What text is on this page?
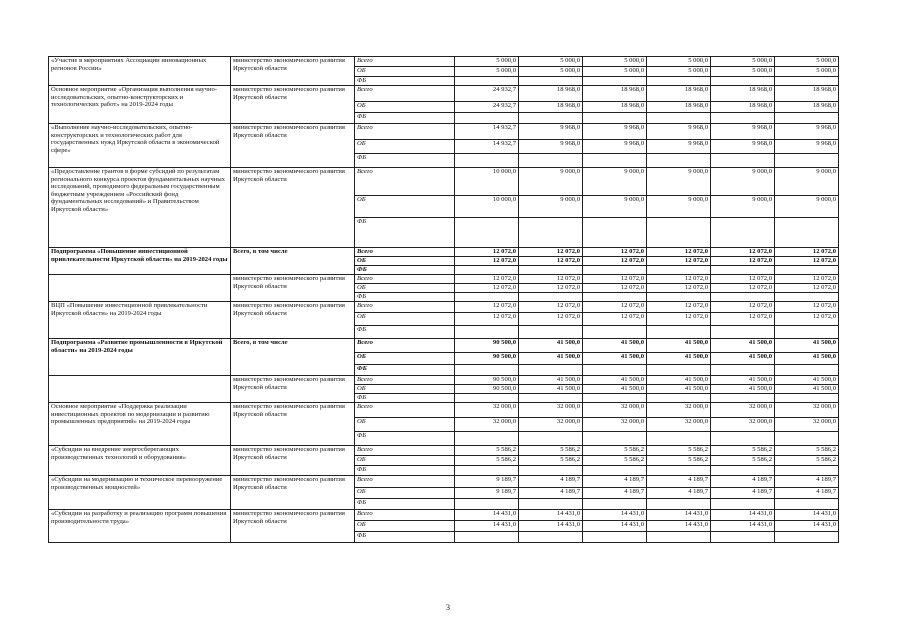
«Участие в мероприятиях Ассоциации инновационных регионов России»	министерство экономического развития Иркутской области	Всего	5 000,0	5 000,0	5 000,0	5 000,0	5 000,0	5 000,0
		ОБ	5 000,0	5 000,0	5 000,0	5 000,0	5 000,0	5 000,0
		ФБ						
Основное мероприятие «Организация выполнения научно-исследовательских, опытно-конструкторских и технологических работ» на 2019-2024 годы	министерство экономического развития Иркутской области	Всего	24 932,7	18 968,0	18 968,0	18 968,0	18 968,0	18 968,0
		ОБ	24 932,7	18 968,0	18 968,0	18 968,0	18 968,0	18 968,0
		ФБ						
«Выполнение научно-исследовательских, опытно-конструкторских и технологических работ для государственных нужд Иркутской области в экономической сфере»	министерство экономического развития Иркутской области	Всего	14 932,7	9 968,0	9 968,0	9 968,0	9 968,0	9 968,0
		ОБ	14 932,7	9 968,0	9 968,0	9 968,0	9 968,0	9 968,0
		ФБ						
«Предоставление грантов в форме субсидий по результатам регионального конкурса проектов фундаментальных научных исследований, проводимого федеральным государственным бюджетным учреждением «Российский фонд фундаментальных исследований» и Правительством Иркутской области»	министерство экономического развития Иркутской области	Всего	10 000,0	9 000,0	9 000,0	9 000,0	9 000,0	9 000,0
		ОБ	10 000,0	9 000,0	9 000,0	9 000,0	9 000,0	9 000,0
		ФБ						
Подпрограмма «Повышение инвестиционной привлекательности Иркутской области» на 2019-2024 годы	Всего, в том числе	Всего	12 072,0	12 072,0	12 072,0	12 072,0	12 072,0	12 072,0
		ОБ	12 072,0	12 072,0	12 072,0	12 072,0	12 072,0	12 072,0
		ФБ						
	министерство экономического развития Иркутской области	Всего	12 072,0	12 072,0	12 072,0	12 072,0	12 072,0	12 072,0
		ОБ	12 072,0	12 072,0	12 072,0	12 072,0	12 072,0	12 072,0
		ФБ						
ВЦП «Повышение инвестиционной привлекательности Иркутской области» на 2019-2024 годы	министерство экономического развития Иркутской области	Всего	12 072,0	12 072,0	12 072,0	12 072,0	12 072,0	12 072,0
		ОБ	12 072,0	12 072,0	12 072,0	12 072,0	12 072,0	12 072,0
		ФБ						
Подпрограмма «Развитие промышленности в Иркутской области» на 2019-2024 годы	Всего, в том числе	Всего	90 500,0	41 500,0	41 500,0	41 500,0	41 500,0	41 500,0
		ОБ	90 500,0	41 500,0	41 500,0	41 500,0	41 500,0	41 500,0
		ФБ						
	министерство экономического развития Иркутской области	Всего	90 500,0	41 500,0	41 500,0	41 500,0	41 500,0	41 500,0
		ОБ	90 500,0	41 500,0	41 500,0	41 500,0	41 500,0	41 500,0
		ФБ						
Основное мероприятие «Поддержка реализации инвестиционных проектов по модернизации и развитию промышленных предприятий» на 2019-2024 годы	министерство экономического развития Иркутской области	Всего	32 000,0	32 000,0	32 000,0	32 000,0	32 000,0	32 000,0
		ОБ	32 000,0	32 000,0	32 000,0	32 000,0	32 000,0	32 000,0
		ФБ						
«Субсидии на внедрение энергосберегающих производственных технологий и оборудования»	министерство экономического развития Иркутской области	Всего	5 586,2	5 586,2	5 586,2	5 586,2	5 586,2	5 586,2
		ОБ	5 586,2	5 586,2	5 586,2	5 586,2	5 586,2	5 586,2
		ФБ						
«Субсидии на модернизацию и техническое перевооружение производственных мощностей»	министерство экономического развития Иркутской области	Всего	9 189,7	4 189,7	4 189,7	4 189,7	4 189,7	4 189,7
		ОБ	9 189,7	4 189,7	4 189,7	4 189,7	4 189,7	4 189,7
		ФБ						
«Субсидии на разработку и реализацию программ повышения производительности труда»	министерство экономического развития Иркутской области	Всего	14 431,0	14 431,0	14 431,0	14 431,0	14 431,0	14 431,0
		ОБ	14 431,0	14 431,0	14 431,0	14 431,0	14 431,0	14 431,0
		ФБ						
3
